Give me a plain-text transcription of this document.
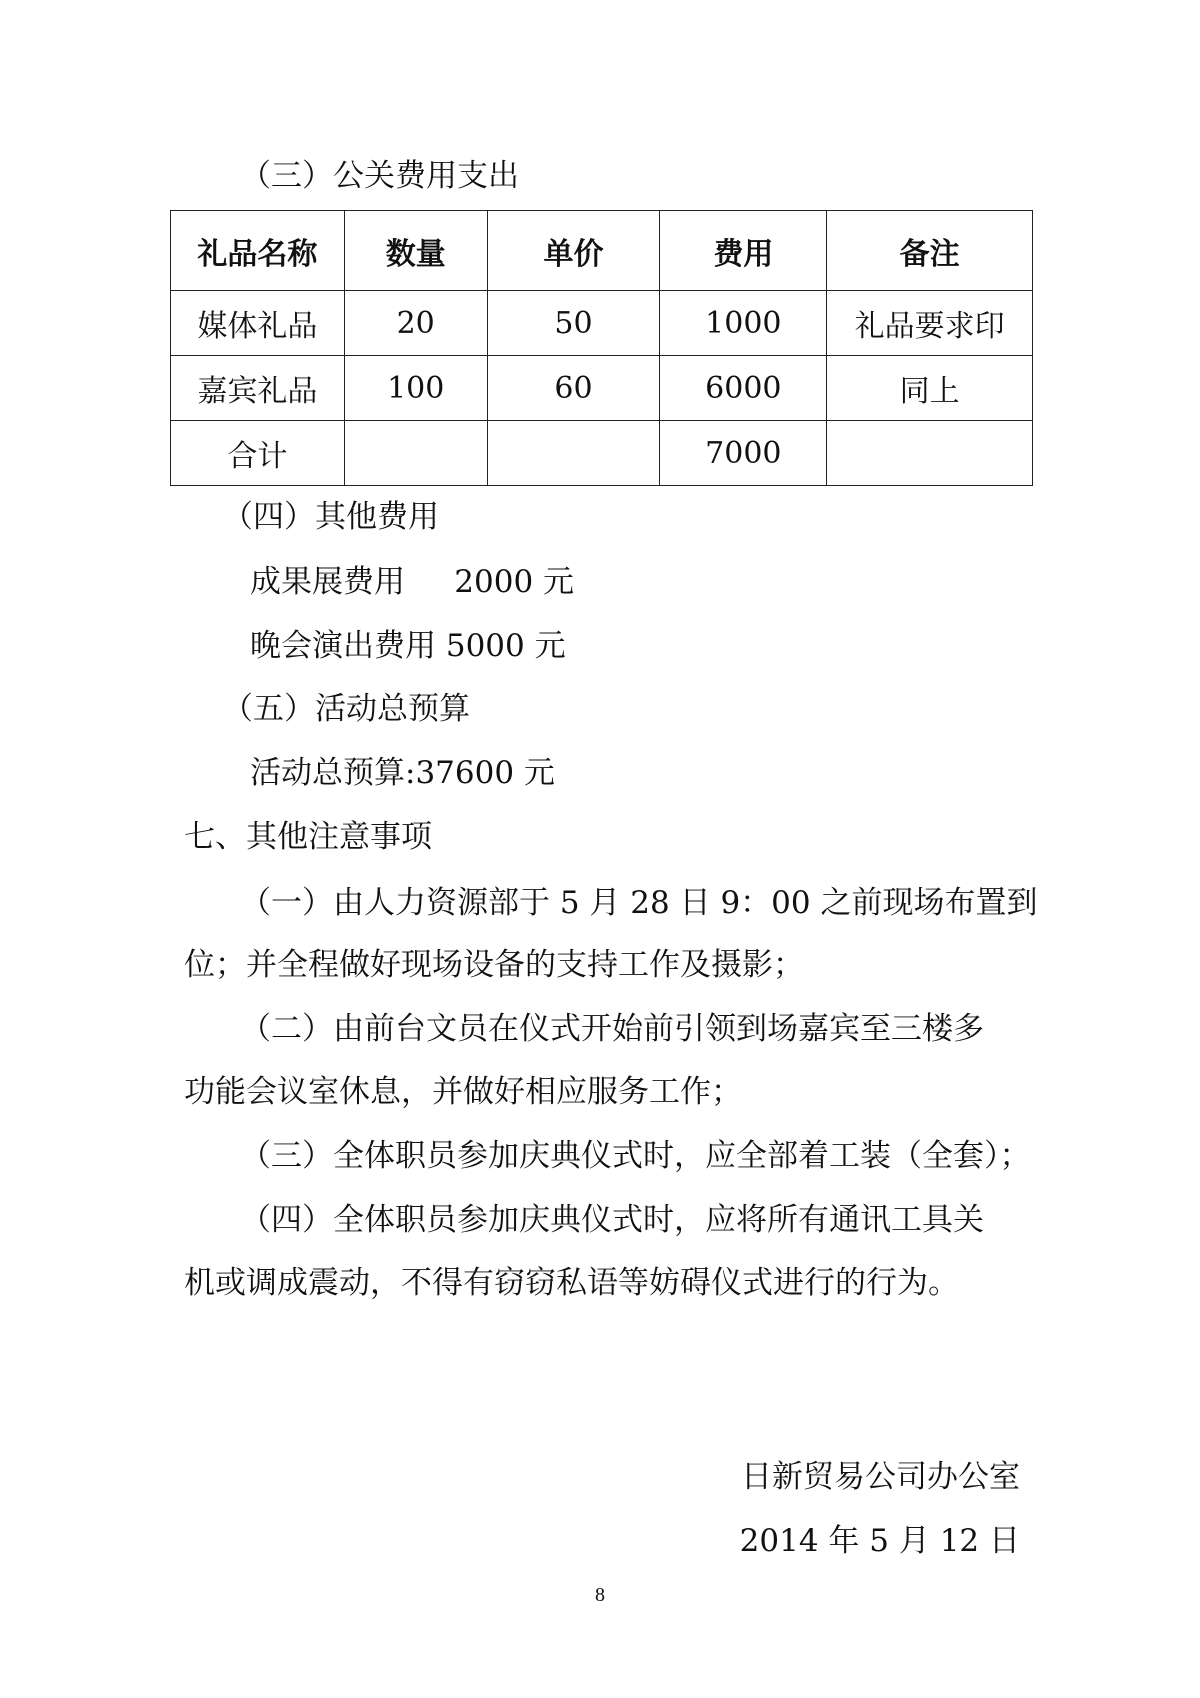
（三）公关费用支出
礼品名称	数量	单价	费用	备注
媒体礼品	20	50	1000	礼品要求印
嘉宾礼品	100	60	6000	同上
合计			7000	
（四）其他费用
成果展费用     2000 元
晚会演出费用 5000 元
（五）活动总预算
活动总预算:37600 元
七、其他注意事项
（一）由人力资源部于 5 月 28 日 9：00 之前现场布置到
位；并全程做好现场设备的支持工作及摄影；
（二）由前台文员在仪式开始前引领到场嘉宾至三楼多
功能会议室休息，并做好相应服务工作；
（三）全体职员参加庆典仪式时，应全部着工装（全套）；
（四）全体职员参加庆典仪式时，应将所有通讯工具关
机或调成震动，不得有窃窃私语等妨碍仪式进行的行为。
日新贸易公司办公室
2014 年 5 月 12 日
8
